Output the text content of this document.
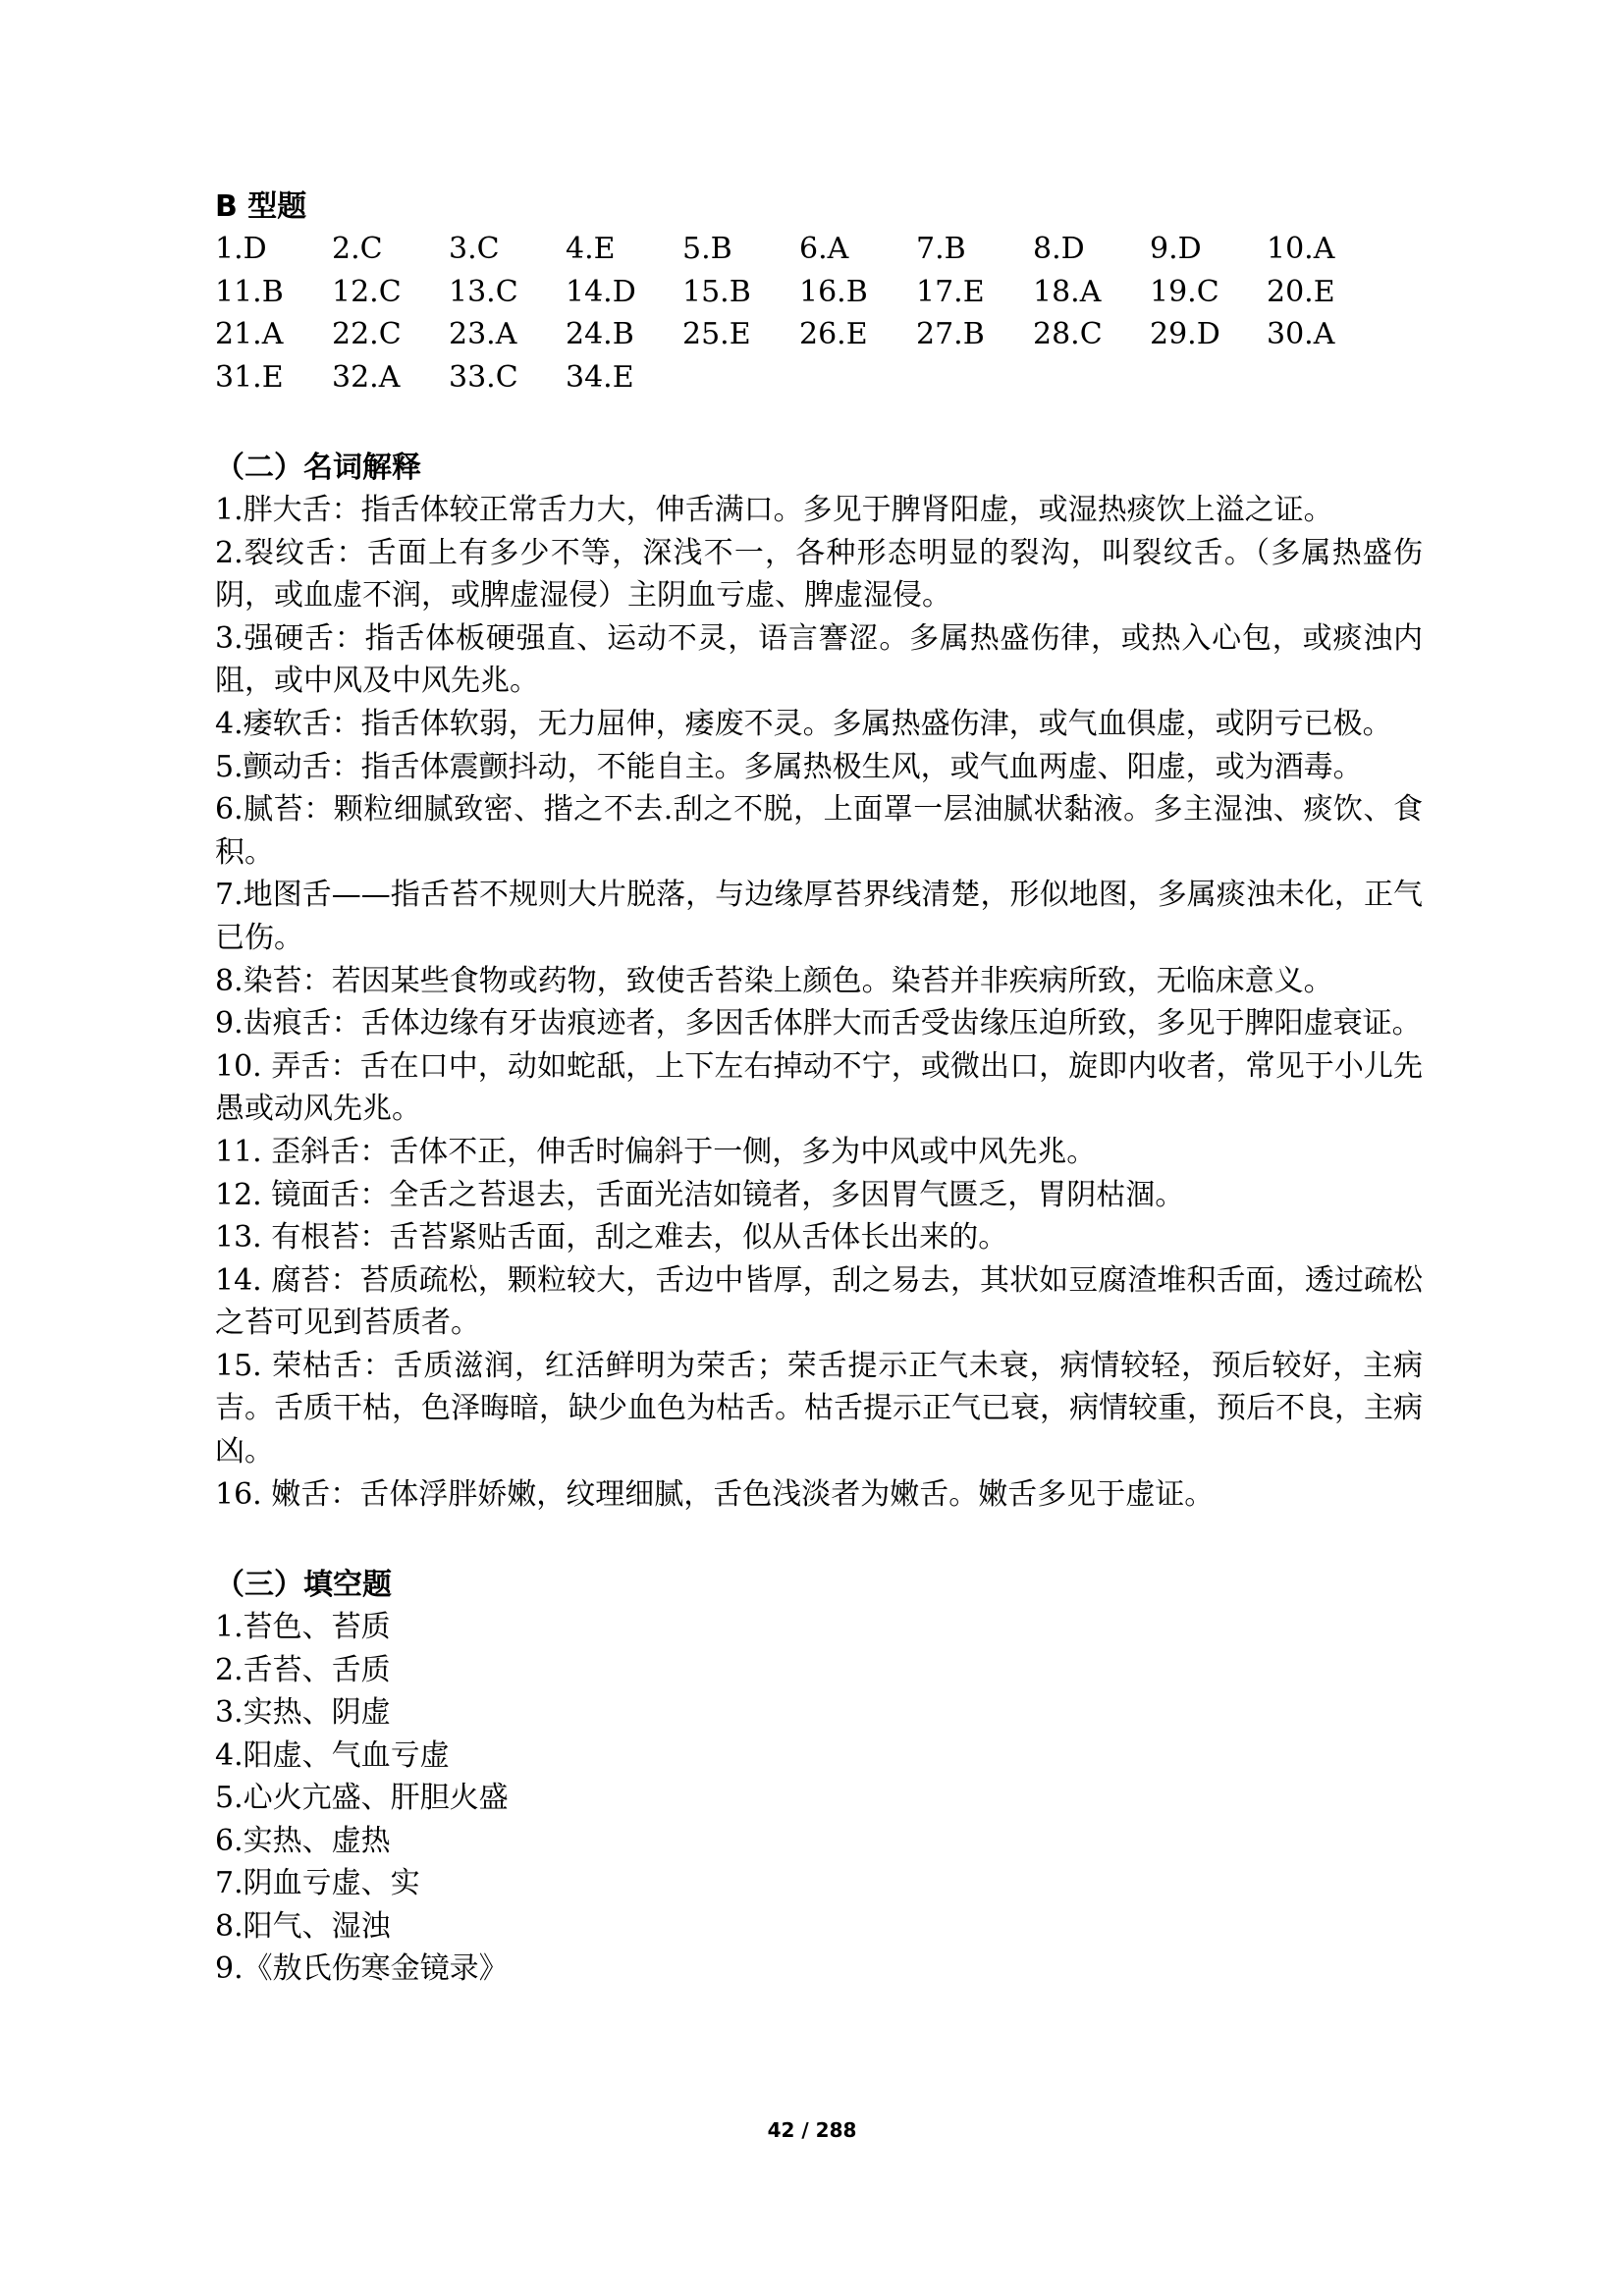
B 型题
1.D	2.C	3.C	4.E	5.B	6.A	7.B	8.D	9.D	10.A
11.B	12.C	13.C	14.D	15.B	16.B	17.E	18.A	19.C	20.E
21.A	22.C	23.A	24.B	25.E	26.E	27.B	28.C	29.D	30.A
31.E	32.A	33.C	34.E
（二）名词解释

1.胖大舌：指舌体较正常舌力大，伸舌满口。多见于脾肾阳虚，或湿热痰饮上溢之证。

2.裂纹舌：舌面上有多少不等，深浅不一，各种形态明显的裂沟，叫裂纹舌。（多属热盛伤阴，或血虚不润，或脾虚湿侵）主阴血亏虚、脾虚湿侵。

3.强硬舌：指舌体板硬强直、运动不灵，语言謇涩。多属热盛伤律，或热入心包，或痰浊内阻，或中风及中风先兆。

4.痿软舌：指舌体软弱，无力屈伸，痿废不灵。多属热盛伤津，或气血俱虚，或阴亏已极。

5.颤动舌：指舌体震颤抖动，不能自主。多属热极生风，或气血两虚、阳虚，或为酒毒。

6.腻苔：颗粒细腻致密、揩之不去.刮之不脱，上面罩一层油腻状黏液。多主湿浊、痰饮、食积。

7.地图舌——指舌苔不规则大片脱落，与边缘厚苔界线清楚，形似地图，多属痰浊未化，正气已伤。

8.染苔：若因某些食物或药物，致使舌苔染上颜色。染苔并非疾病所致，无临床意义。

9.齿痕舌：舌体边缘有牙齿痕迹者，多因舌体胖大而舌受齿缘压迫所致，多见于脾阳虚衰证。

10. 弄舌：舌在口中，动如蛇舐，上下左右掉动不宁，或微出口，旋即内收者，常见于小儿先愚或动风先兆。

11. 歪斜舌：舌体不正，伸舌时偏斜于一侧，多为中风或中风先兆。

12. 镜面舌：全舌之苔退去，舌面光洁如镜者，多因胃气匮乏，胃阴枯涸。

13. 有根苔：舌苔紧贴舌面，刮之难去，似从舌体长出来的。

14. 腐苔：苔质疏松，颗粒较大，舌边中皆厚，刮之易去，其状如豆腐渣堆积舌面，透过疏松之苔可见到苔质者。

15. 荣枯舌：舌质滋润，红活鲜明为荣舌；荣舌提示正气未衰，病情较轻，预后较好，主病吉。舌质干枯，色泽晦暗，缺少血色为枯舌。枯舌提示正气已衰，病情较重，预后不良，主病凶。

16. 嫩舌：舌体浮胖娇嫩，纹理细腻，舌色浅淡者为嫩舌。嫩舌多见于虚证。

（三）填空题

1.苔色、苔质

2.舌苔、舌质

3.实热、阴虚

4.阳虚、气血亏虚

5.心火亢盛、肝胆火盛

6.实热、虚热

7.阴血亏虚、实

8.阳气、湿浊

9.《敖氏伤寒金镜录》

42 / 288
